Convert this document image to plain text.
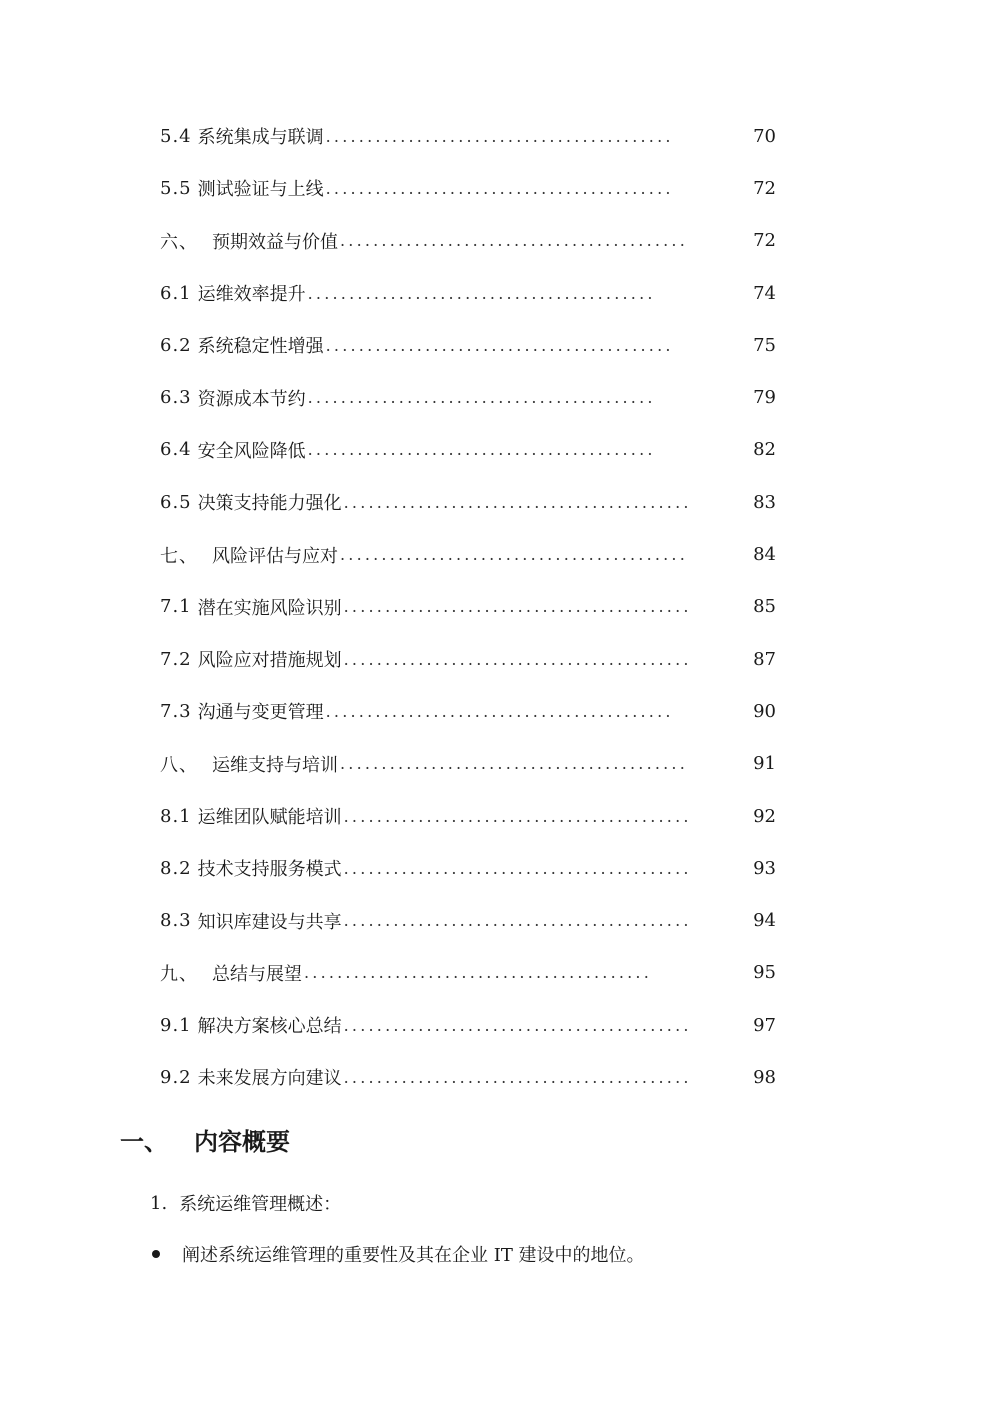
5.4 系统集成与联调 ..........................................	70
5.5 测试验证与上线 ..........................................	72
六、 预期效益与价值 ..........................................	72
6.1 运维效率提升 ..........................................	74
6.2 系统稳定性增强 ..........................................	75
6.3 资源成本节约 ..........................................	79
6.4 安全风险降低 ..........................................	82
6.5 决策支持能力强化 ..........................................	83
七、 风险评估与应对 ..........................................	84
7.1 潜在实施风险识别 ..........................................	85
7.2 风险应对措施规划 ..........................................	87
7.3 沟通与变更管理 ..........................................	90
八、 运维支持与培训 ..........................................	91
8.1 运维团队赋能培训 ..........................................	92
8.2 技术支持服务模式 ..........................................	93
8.3 知识库建设与共享 ..........................................	94
九、 总结与展望 ..........................................	95
9.1 解决方案核心总结 ..........................................	97
9.2 未来发展方向建议 ..........................................	98
一、 内容概要
1. 系统运维管理概述：
阐述系统运维管理的重要性及其在企业 IT 建设中的地位。
